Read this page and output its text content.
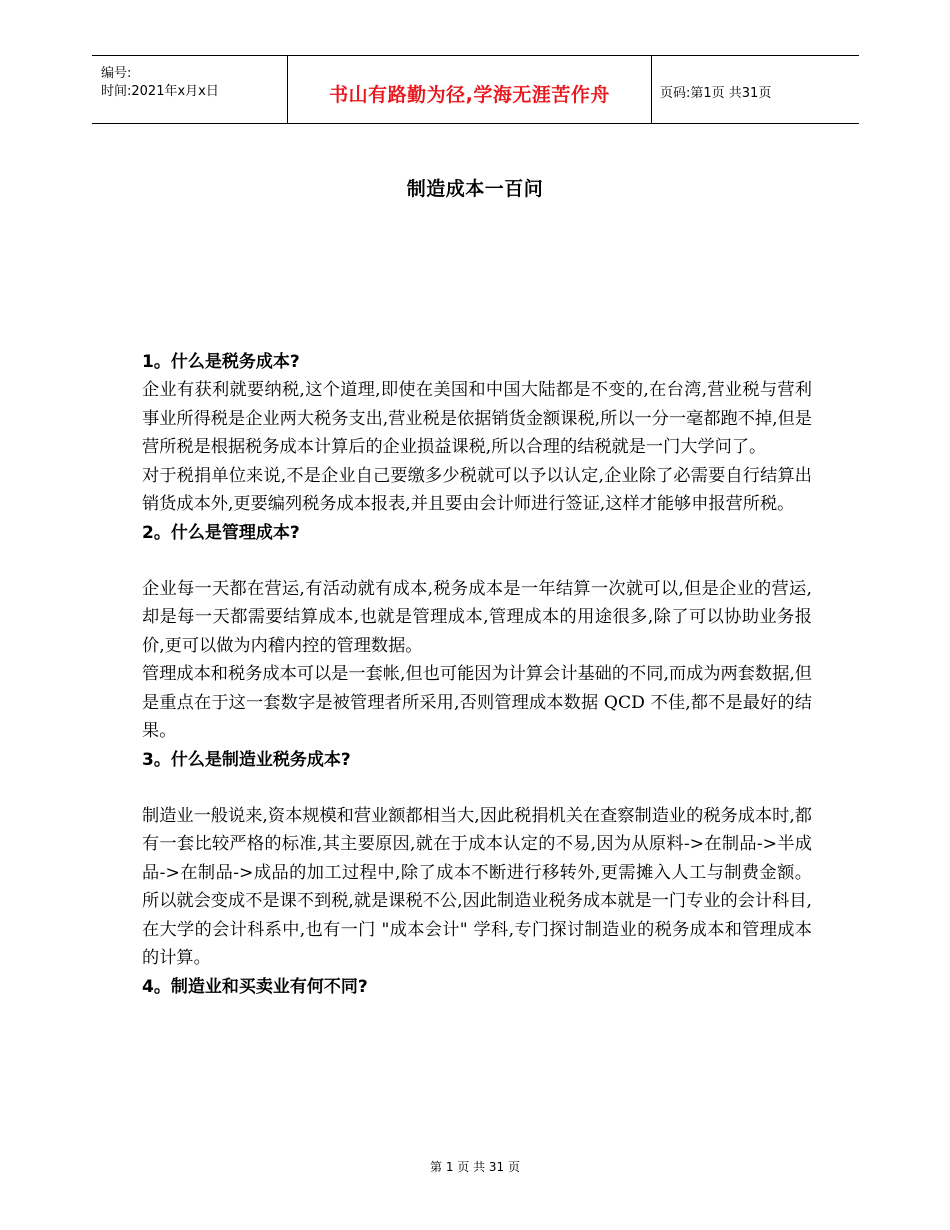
编号:
时间:2021年x月x日	书山有路勤为径,学海无涯苦作舟	页码:第1页 共31页
制造成本一百问
1。什么是税务成本?

企业有获利就要纳税,这个道理,即使在美国和中国大陆都是不变的,在台湾,营业税与营利事业所得税是企业两大税务支出,营业税是依据销货金额课税,所以一分一毫都跑不掉,但是营所税是根据税务成本计算后的企业损益课税,所以合理的结税就是一门大学问了。

对于税捐单位来说,不是企业自己要缴多少税就可以予以认定,企业除了必需要自行结算出销货成本外,更要编列税务成本报表,并且要由会计师进行签证,这样才能够申报营所税。

2。什么是管理成本?

企业每一天都在营运,有活动就有成本,税务成本是一年结算一次就可以,但是企业的营运,却是每一天都需要结算成本,也就是管理成本,管理成本的用途很多,除了可以协助业务报价,更可以做为内稽内控的管理数据。

管理成本和税务成本可以是一套帐,但也可能因为计算会计基础的不同,而成为两套数据,但是重点在于这一套数字是被管理者所采用,否则管理成本数据 QCD 不佳,都不是最好的结果。

3。什么是制造业税务成本?

制造业一般说来,资本规模和营业额都相当大,因此税捐机关在查察制造业的税务成本时,都有一套比较严格的标准,其主要原因,就在于成本认定的不易,因为从原料->在制品->半成品->在制品->成品的加工过程中,除了成本不断进行移转外,更需摊入人工与制费金额。所以就会变成不是课不到税,就是课税不公,因此制造业税务成本就是一门专业的会计科目,在大学的会计科系中,也有一门 "成本会计" 学科,专门探讨制造业的税务成本和管理成本的计算。

4。制造业和买卖业有何不同?
第 1 页 共 31 页
